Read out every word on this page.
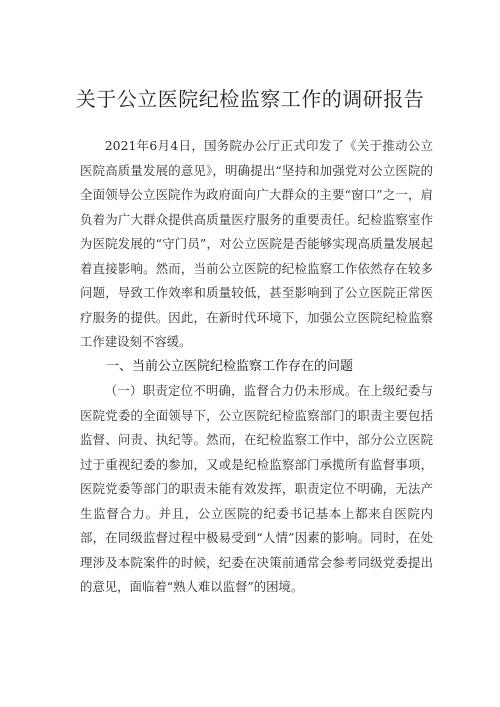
关于公立医院纪检监察工作的调研报告

2021年6月4日，国务院办公厅正式印发了《关于推动公立医院高质量发展的意见》，明确提出“坚持和加强党对公立医院的全面领导公立医院作为政府面向广大群众的主要“窗口”之一，肩负着为广大群众提供高质量医疗服务的重要责任。纪检监察室作为医院发展的“守门员”，对公立医院是否能够实现高质量发展起着直接影响。然而，当前公立医院的纪检监察工作依然存在较多问题，导致工作效率和质量较低，甚至影响到了公立医院正常医疗服务的提供。因此，在新时代环境下，加强公立医院纪检监察工作建设刻不容缓。

一、当前公立医院纪检监察工作存在的问题

（一）职责定位不明确，监督合力仍未形成。在上级纪委与医院党委的全面领导下，公立医院纪检监察部门的职责主要包括监督、问责、执纪等。然而，在纪检监察工作中，部分公立医院过于重视纪委的参加，又或是纪检监察部门承揽所有监督事项，医院党委等部门的职责未能有效发挥，职责定位不明确，无法产生监督合力。并且，公立医院的纪委书记基本上都来自医院内部，在同级监督过程中极易受到“人情”因素的影响。同时，在处理涉及本院案件的时候，纪委在决策前通常会参考同级党委提出的意见，面临着“熟人难以监督”的困境。
